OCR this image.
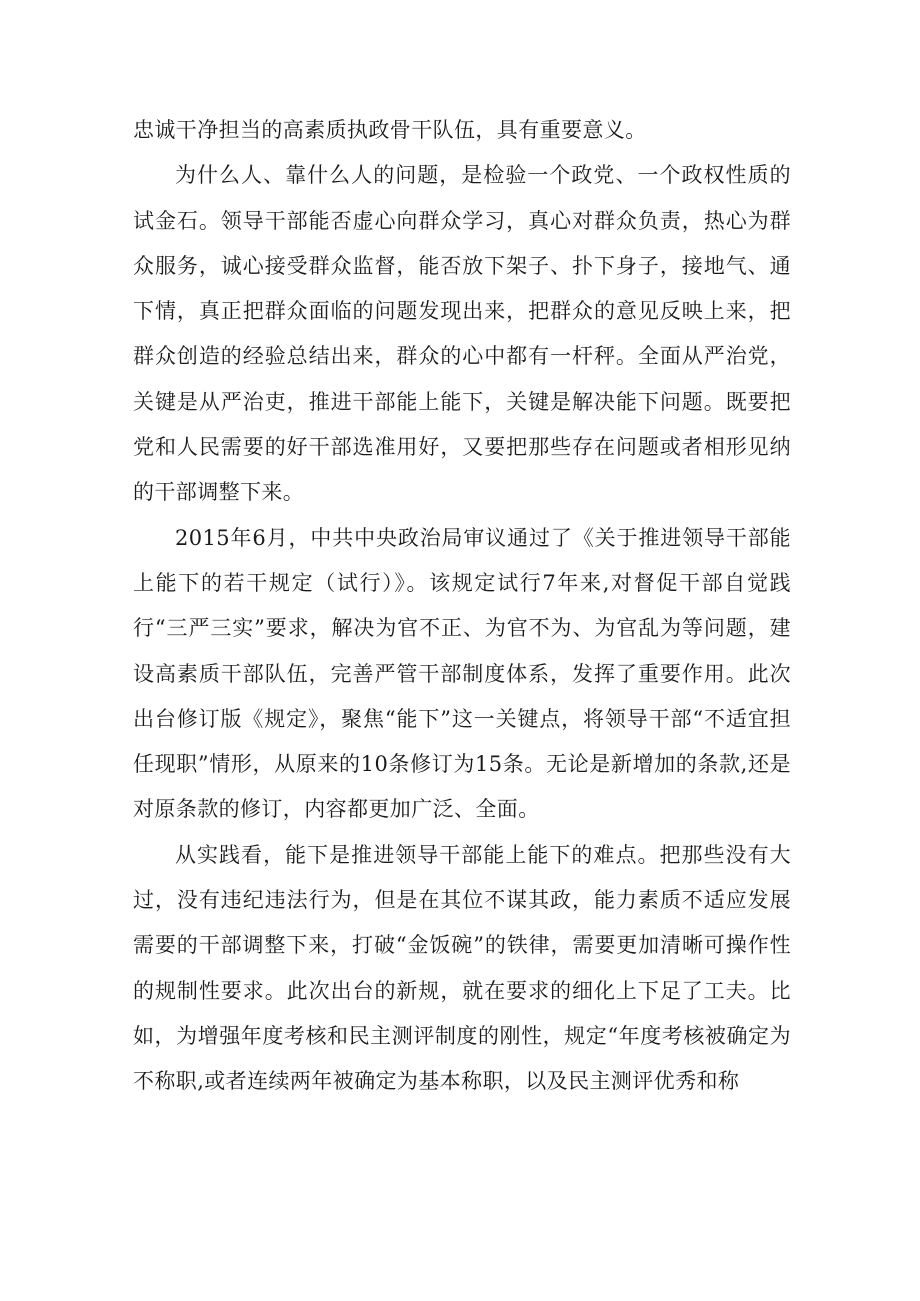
忠诚干净担当的高素质执政骨干队伍，具有重要意义。

为什么人、靠什么人的问题，是检验一个政党、一个政权性质的试金石。领导干部能否虚心向群众学习，真心对群众负责，热心为群众服务，诚心接受群众监督，能否放下架子、扑下身子，接地气、通下情，真正把群众面临的问题发现出来，把群众的意见反映上来，把群众创造的经验总结出来，群众的心中都有一杆秤。全面从严治党，关键是从严治吏，推进干部能上能下，关键是解决能下问题。既要把党和人民需要的好干部选准用好，又要把那些存在问题或者相形见纳的干部调整下来。

2015年6月，中共中央政治局审议通过了《关于推进领导干部能上能下的若干规定（试行）》。该规定试行7年来,对督促干部自觉践行“三严三实”要求，解决为官不正、为官不为、为官乱为等问题，建设高素质干部队伍，完善严管干部制度体系，发挥了重要作用。此次出台修订版《规定》，聚焦“能下”这一关键点，将领导干部“不适宜担任现职”情形，从原来的10条修订为15条。无论是新增加的条款,还是对原条款的修订，内容都更加广泛、全面。

从实践看，能下是推进领导干部能上能下的难点。把那些没有大过，没有违纪违法行为，但是在其位不谋其政，能力素质不适应发展需要的干部调整下来，打破“金饭碗”的铁律，需要更加清晰可操作性的规制性要求。此次出台的新规，就在要求的细化上下足了工夫。比如，为增强年度考核和民主测评制度的刚性，规定“年度考核被确定为不称职,或者连续两年被确定为基本称职，以及民主测评优秀和称
